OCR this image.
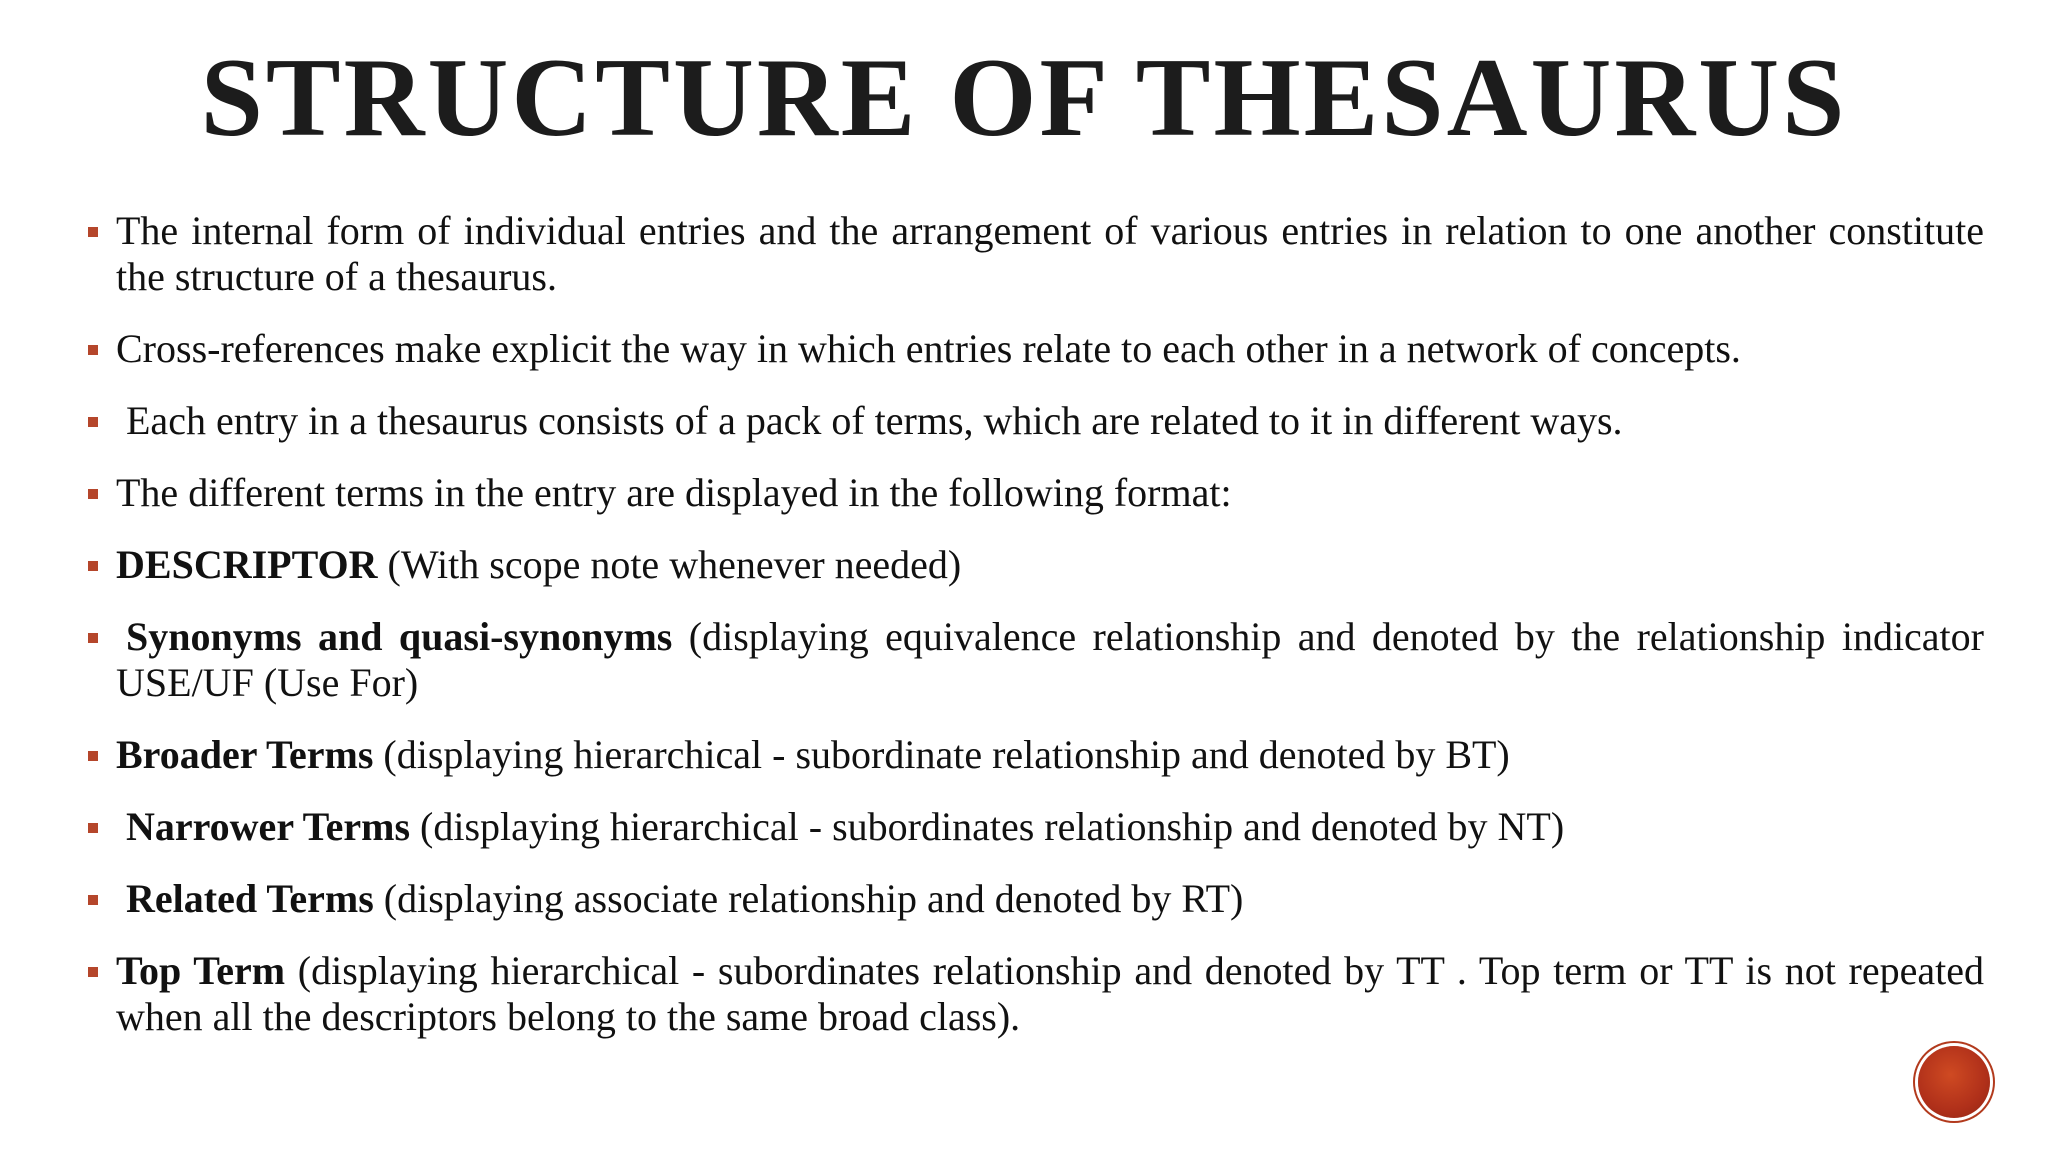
STRUCTURE OF THESAURUS
The internal form of individual entries and the arrangement of various entries in relation to one another constitute the structure of a thesaurus.
Cross-references make explicit the way in which entries relate to each other in a network of concepts.
Each entry in a thesaurus consists of a pack of terms, which are related to it in different ways.
The different terms in the entry are displayed in the following format:
DESCRIPTOR (With scope note whenever needed)
Synonyms and quasi-synonyms (displaying equivalence relationship and denoted by the relationship indicator USE/UF (Use For)
Broader Terms (displaying hierarchical - subordinate relationship and denoted by BT)
Narrower Terms (displaying hierarchical - subordinates relationship and denoted by NT)
Related Terms (displaying associate relationship and denoted by RT)
Top Term (displaying hierarchical - subordinates relationship and denoted by TT . Top term or TT is not repeated when all the descriptors belong to the same broad class).
